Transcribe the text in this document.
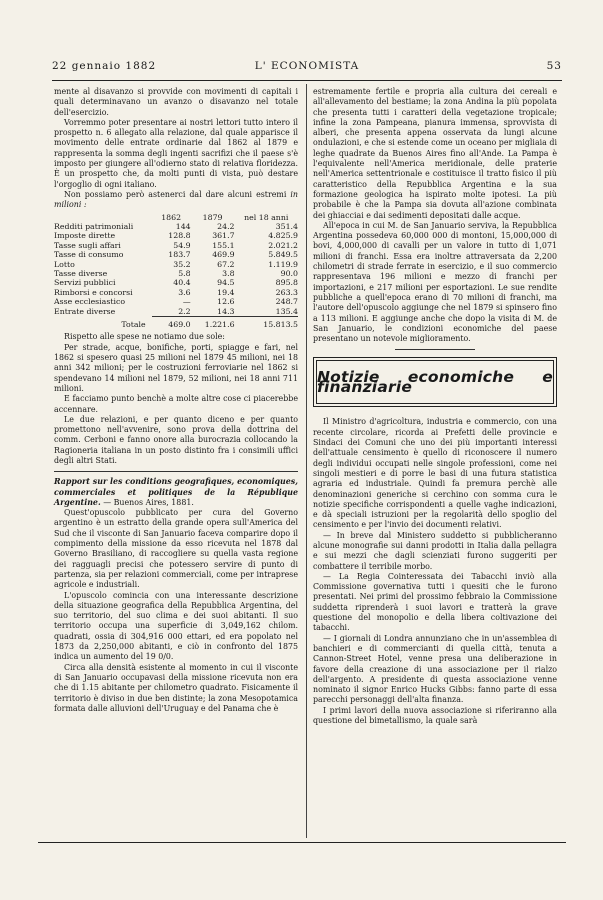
22 gennaio 1882	L' ECONOMISTA	53

mente al disavanzo si provvide con movimenti di capitali i quali determinavano un avanzo o disavanzo nel totale dell'esercizio.

Vorremmo poter presentare ai nostri lettori tutto intero il prospetto n. 6 allegato alla relazione, dal quale apparisce il movimento delle entrate ordinarie dal 1862 al 1879 e rappresenta la somma degli ingenti sacrifizi che il paese s'è imposto per giungere all'odierno stato di relativa floridezza. È un prospetto che, da molti punti di vista, può destare l'orgoglio di ogni italiano.

Non possiamo però astenerci dal dare alcuni estremi in milioni :

	1862	1879	nel 18 anni
Redditi patrimoniali	144	24.2	351.4
Imposte dirette	128.8	361.7	4.825.9
Tasse sugli affari	54.9	155.1	2.021.2
Tasse di consumo	183.7	469.9	5.849.5
Lotto	35.2	67.2	1.119.9
Tasse diverse	5.8	3.8	90.0
Servizi pubblici	40.4	94.5	895.8
Rimborsi e concorsi	3.6	19.4	263.3
Asse ecclesiastico	—	12.6	248.7
Entrate diverse	2.2	14.3	135.4
Totale	469.0	1.221.6	15.813.5

Rispetto alle spese ne notiamo due sole:

Per strade, acque, bonifiche, porti, spiagge e fari, nel 1862 si spesero quasi 25 milioni nel 1879 45 milioni, nei 18 anni 342 milioni; per le costruzioni ferroviarie nel 1862 si spendevano 14 milioni nel 1879, 52 milioni, nei 18 anni 711 milioni.

E facciamo punto benchè a molte altre cose ci piacerebbe accennare.

Le due relazioni, e per quanto diceno e per quanto promettono nell'avvenire, sono prova della dottrina del comm. Cerboni e fanno onore alla burocrazia collocando la Ragioneria italiana in un posto distinto fra i consimili uffici degli altri Stati.

Rapport sur les conditions geografiques, economiques, commerciales et politiques de la République Argentine. — Buenos Aires, 1881.

Quest'opuscolo pubblicato per cura del Governo argentino è un estratto della grande opera sull'America del Sud che il visconte di San Januario faceva comparire dopo il compimento della missione da esso ricevuta nel 1878 dal Governo Brasiliano, di raccogliere su quella vasta regione dei ragguagli precisi che potessero servire di punto di partenza, sia per relazioni commerciali, come per intraprese agricole e industriali.

L'opuscolo comincia con una interessante descrizione della situazione geografica della Repubblica Argentina, del suo territorio, del suo clima e dei suoi abitanti. Il suo territorio occupa una superficie di 3,049,162 chilom. quadrati, ossia di 304,916 000 ettari, ed era popolato nel 1873 da 2,250,000 abitanti, e ciò in confronto del 1875 indica un aumento del 19 0/0.

Circa alla densità esistente al momento in cui il visconte di San Januario occupavasi della missione ricevuta non era che di 1.15 abitante per chilometro quadrato. Fisicamente il territorio è diviso in due ben distinte; la zona Mesopotamica formata dalle alluvioni dell'Uruguay e del Panama che è

estremamente fertile e propria alla cultura dei cereali e all'allevamento del bestiame; la zona Andina la più popolata che presenta tutti i caratteri della vegetazione tropicale; infine la zona Pampeana, pianura immensa, sprovvista di alberi, che presenta appena osservata da lungi alcune ondulazioni, e che si estende come un oceano per migliaia di leghe quadrate da Buenos Aires fino all'Ande. La Pampa è l'equivalente nell'America meridionale, delle praterie nell'America settentrionale e costituisce il tratto fisico il più caratteristico della Repubblica Argentina e la sua formazione geologica ha ispirato molte ipotesi. La più probabile è che la Pampa sia dovuta all'azione combinata dei ghiacciai e dai sedimenti depositati dalle acque.

All'epoca in cui M. de San Januario serviva, la Repubblica Argentina possedeva 60,000 000 di montoni, 15,000,000 di bovi, 4,000,000 di cavalli per un valore in tutto di 1,071 milioni di franchi. Essa era inoltre attraversata da 2,200 chilometri di strade ferrate in esercizio, e il suo commercio rappresentava 196 milioni e mezzo di franchi per importazioni, e 217 milioni per esportazioni. Le sue rendite pubbliche a quell'epoca erano di 70 milioni di franchi, ma l'autore dell'opuscolo aggiunge che nel 1879 si spinsero fino a 113 milioni. E aggiunge anche che dopo la visita di M. de San Januario, le condizioni economiche del paese presentano un notevole miglioramento.

Notizie economiche e finanziarie

Il Ministro d'agricoltura, industria e commercio, con una recente circolare, ricorda ai Prefetti delle provincie e Sindaci dei Comuni che uno dei più importanti interessi dell'attuale censimento è quello di riconoscere il numero degli individui occupati nelle singole professioni, come nei singoli mestieri e di porre le basi di una futura statistica agraria ed industriale. Quindi fa premura perchè alle denominazioni generiche si cerchino con somma cura le notizie specifiche corrispondenti a quelle vaghe indicazioni, e dà speciali istruzioni per la regolarità dello spoglio del censimento e per l'invio dei documenti relativi.

— In breve dal Ministero suddetto si pubblicheranno alcune monografie sui danni prodotti in Italia dalla pellagra e sui mezzi che dagli scienziati furono suggeriti per combattere il terribile morbo.

— La Regia Cointeressata dei Tabacchi inviò alla Commissione governativa tutti i quesiti che le furono presentati. Nei primi del prossimo febbraio la Commissione suddetta riprenderà i suoi lavori e tratterà la grave questione del monopolio e della libera coltivazione dei tabacchi.

— I giornali di Londra annunziano che in un'assemblea di banchieri e di commercianti di quella città, tenuta a Cannon-Street Hotel, venne presa una deliberazione in favore della creazione di una associazione per il rialzo dell'argento. A presidente di questa associazione venne nominato il signor Enrico Hucks Gibbs: fanno parte di essa parecchi personaggi dell'alta finanza.

I primi lavori della nuova associazione si riferiranno alla questione del bimetallismo, la quale sarà
